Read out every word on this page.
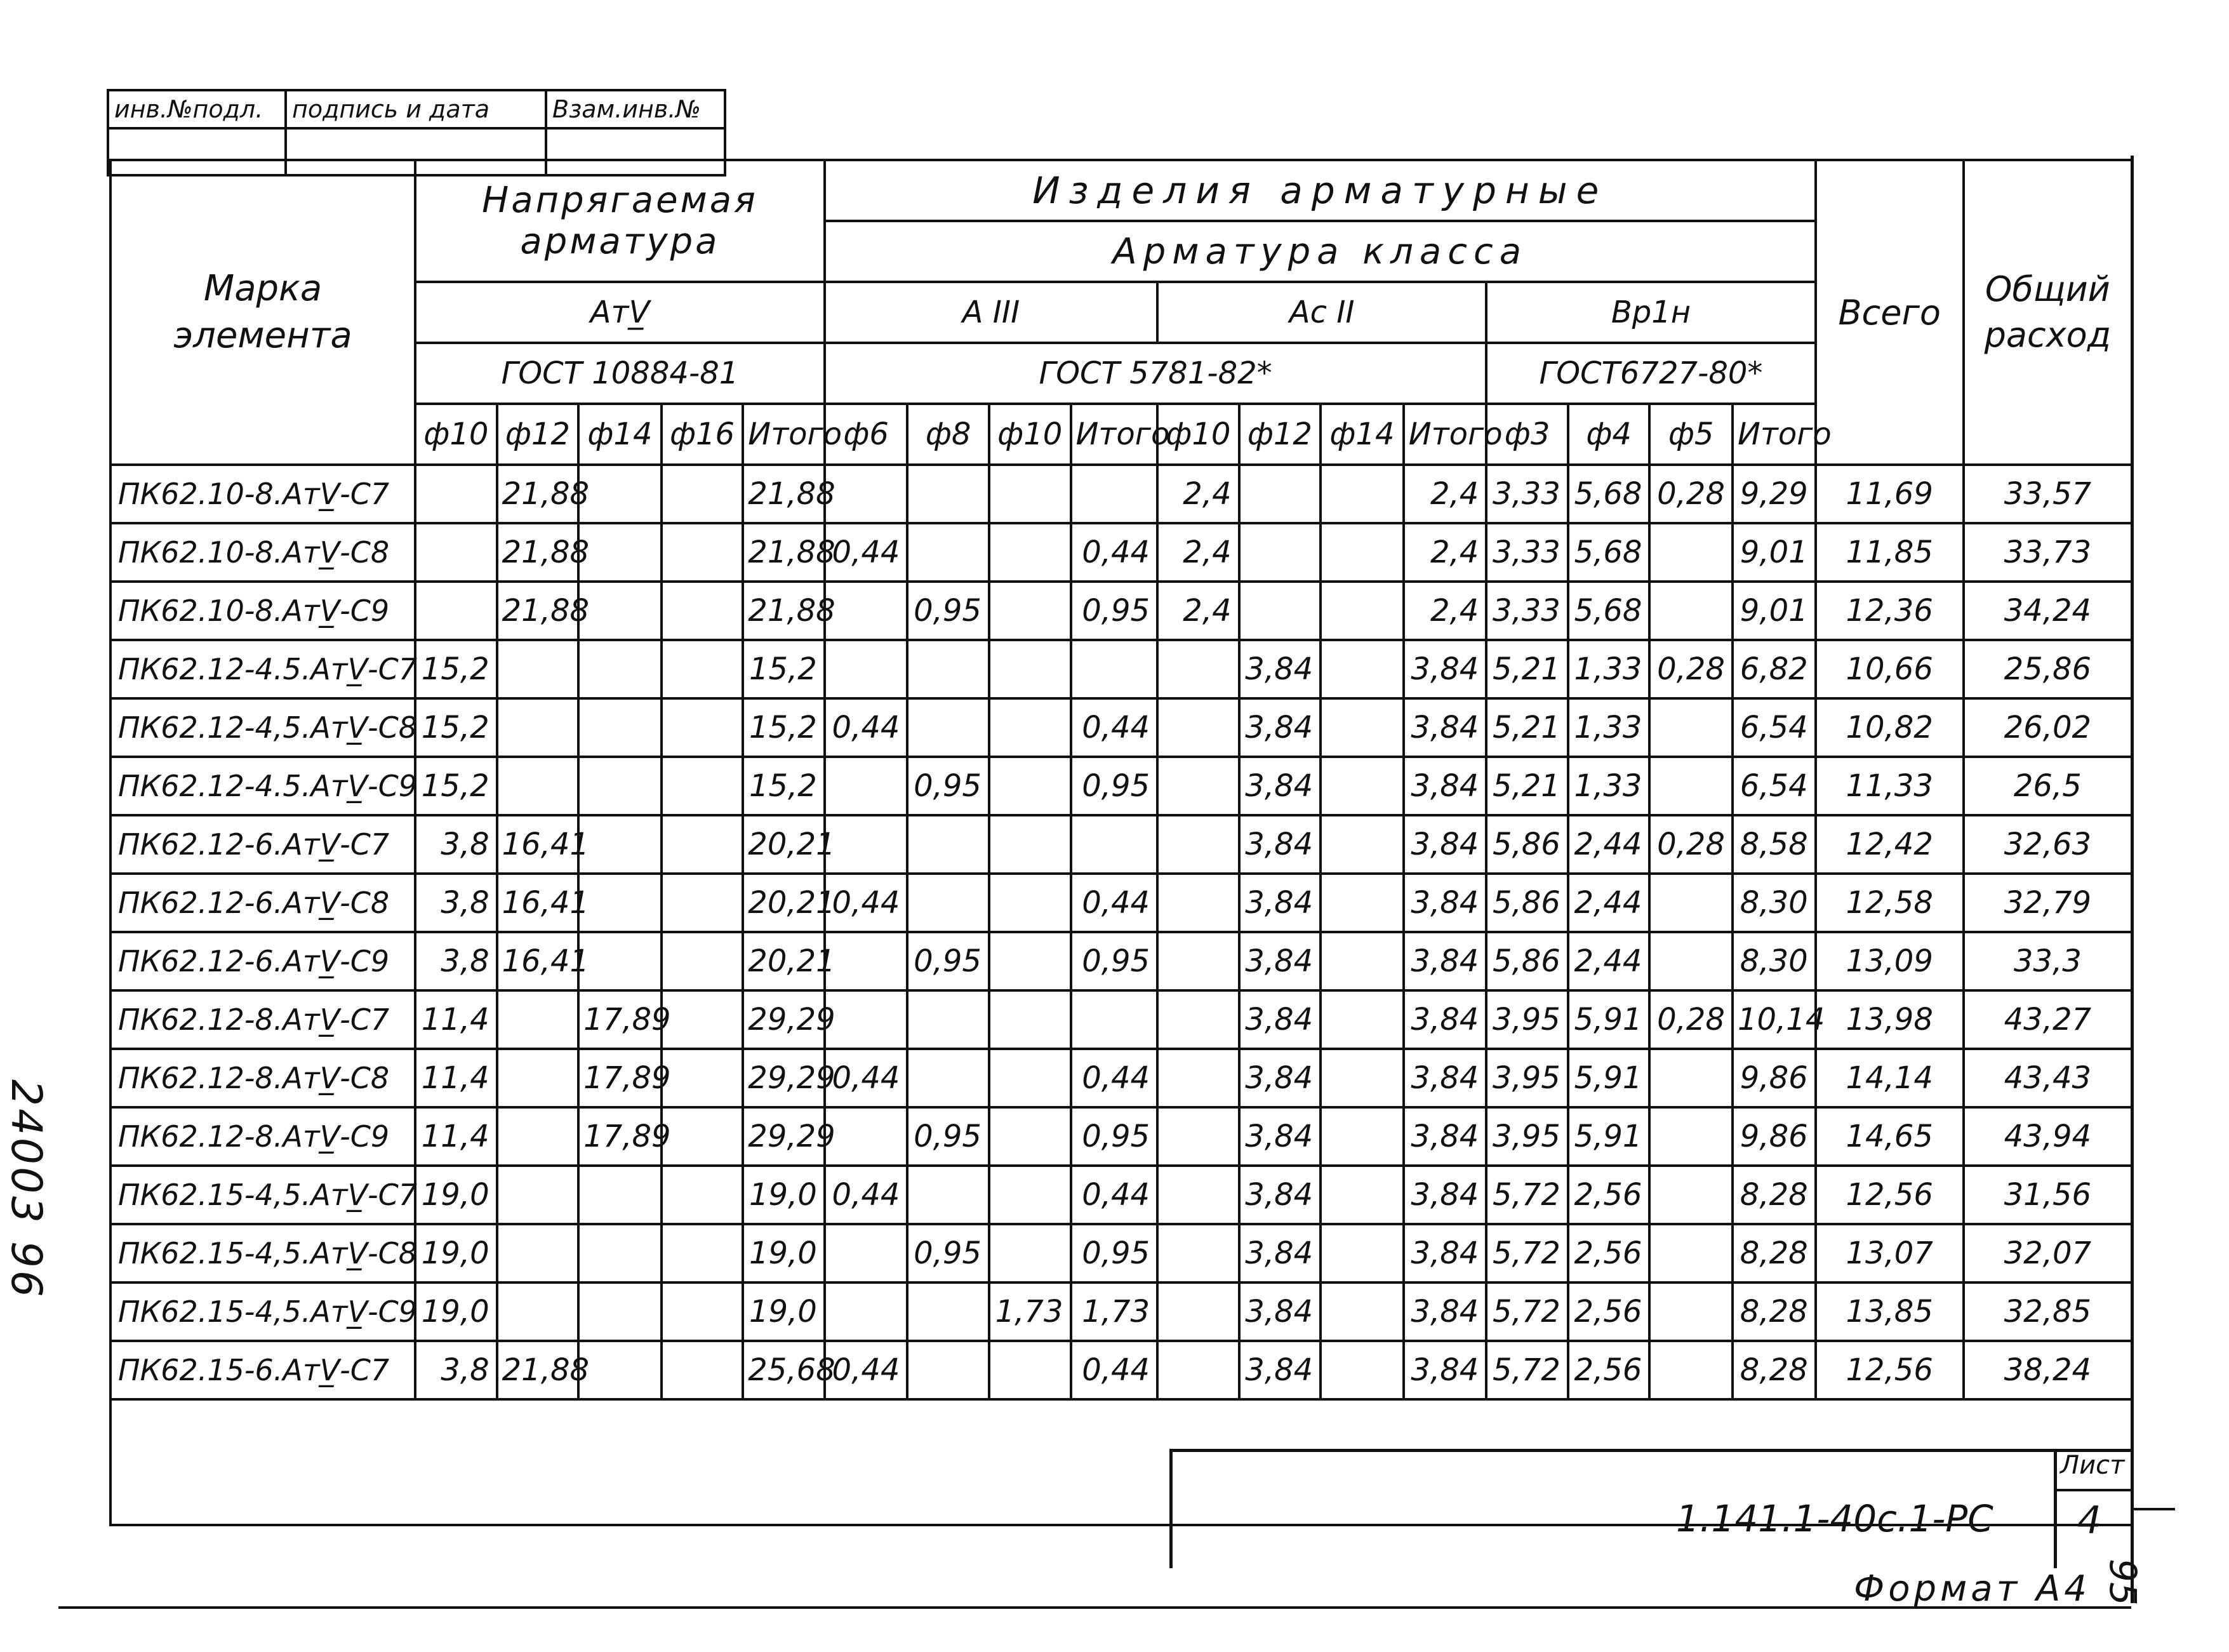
инв.№подл.	подпись и дата	Взам.инв.№

Марка элемента	Напрягаемая арматура					Изделия арматурные												Всего	Общий расход
						Арматура класса													
	АтV̲					A III				Ac II				Вр1н					
	ГОСТ 10884-81					ГОСТ 5781-82*								ГОСТ6727-80*					
	ф10	ф12	ф14	ф16	Итого	ф6	ф8	ф10	Итого	ф10	ф12	ф14	Итого	ф3	ф4	ф5	Итого		
ПК62.10-8.АтV̲-С7		21,88			21,88					2,4			2,4	3,33	5,68	0,28	9,29	11,69	33,57
ПК62.10-8.АтV̲-С8		21,88			21,88	0,44			0,44	2,4			2,4	3,33	5,68		9,01	11,85	33,73
ПК62.10-8.АтV̲-С9		21,88			21,88		0,95		0,95	2,4			2,4	3,33	5,68		9,01	12,36	34,24
ПК62.12-4.5.АтV̲-С7	15,2				15,2						3,84		3,84	5,21	1,33	0,28	6,82	10,66	25,86
ПК62.12-4,5.АтV̲-С8	15,2				15,2	0,44			0,44		3,84		3,84	5,21	1,33		6,54	10,82	26,02
ПК62.12-4.5.АтV̲-С9	15,2				15,2		0,95		0,95		3,84		3,84	5,21	1,33		6,54	11,33	26,5
ПК62.12-6.АтV̲-С7	3,8	16,41			20,21						3,84		3,84	5,86	2,44	0,28	8,58	12,42	32,63
ПК62.12-6.АтV̲-С8	3,8	16,41			20,21	0,44			0,44		3,84		3,84	5,86	2,44		8,30	12,58	32,79
ПК62.12-6.АтV̲-С9	3,8	16,41			20,21		0,95		0,95		3,84		3,84	5,86	2,44		8,30	13,09	33,3
ПК62.12-8.АтV̲-С7	11,4		17,89		29,29						3,84		3,84	3,95	5,91	0,28	10,14	13,98	43,27
ПК62.12-8.АтV̲-С8	11,4		17,89		29,29	0,44			0,44		3,84		3,84	3,95	5,91		9,86	14,14	43,43
ПК62.12-8.АтV̲-С9	11,4		17,89		29,29		0,95		0,95		3,84		3,84	3,95	5,91		9,86	14,65	43,94
ПК62.15-4,5.АтV̲-С7	19,0				19,0	0,44			0,44		3,84		3,84	5,72	2,56		8,28	12,56	31,56
ПК62.15-4,5.АтV̲-С8	19,0				19,0		0,95		0,95		3,84		3,84	5,72	2,56		8,28	13,07	32,07
ПК62.15-4,5.АтV̲-С9	19,0				19,0			1,73	1,73		3,84		3,84	5,72	2,56		8,28	13,85	32,85
ПК62.15-6.АтV̲-С7	3,8	21,88			25,68	0,44			0,44		3,84		3,84	5,72	2,56		8,28	12,56	38,24

1.141.1-40с.1-РС
Лист
4
Формат А4 95
24003 96
